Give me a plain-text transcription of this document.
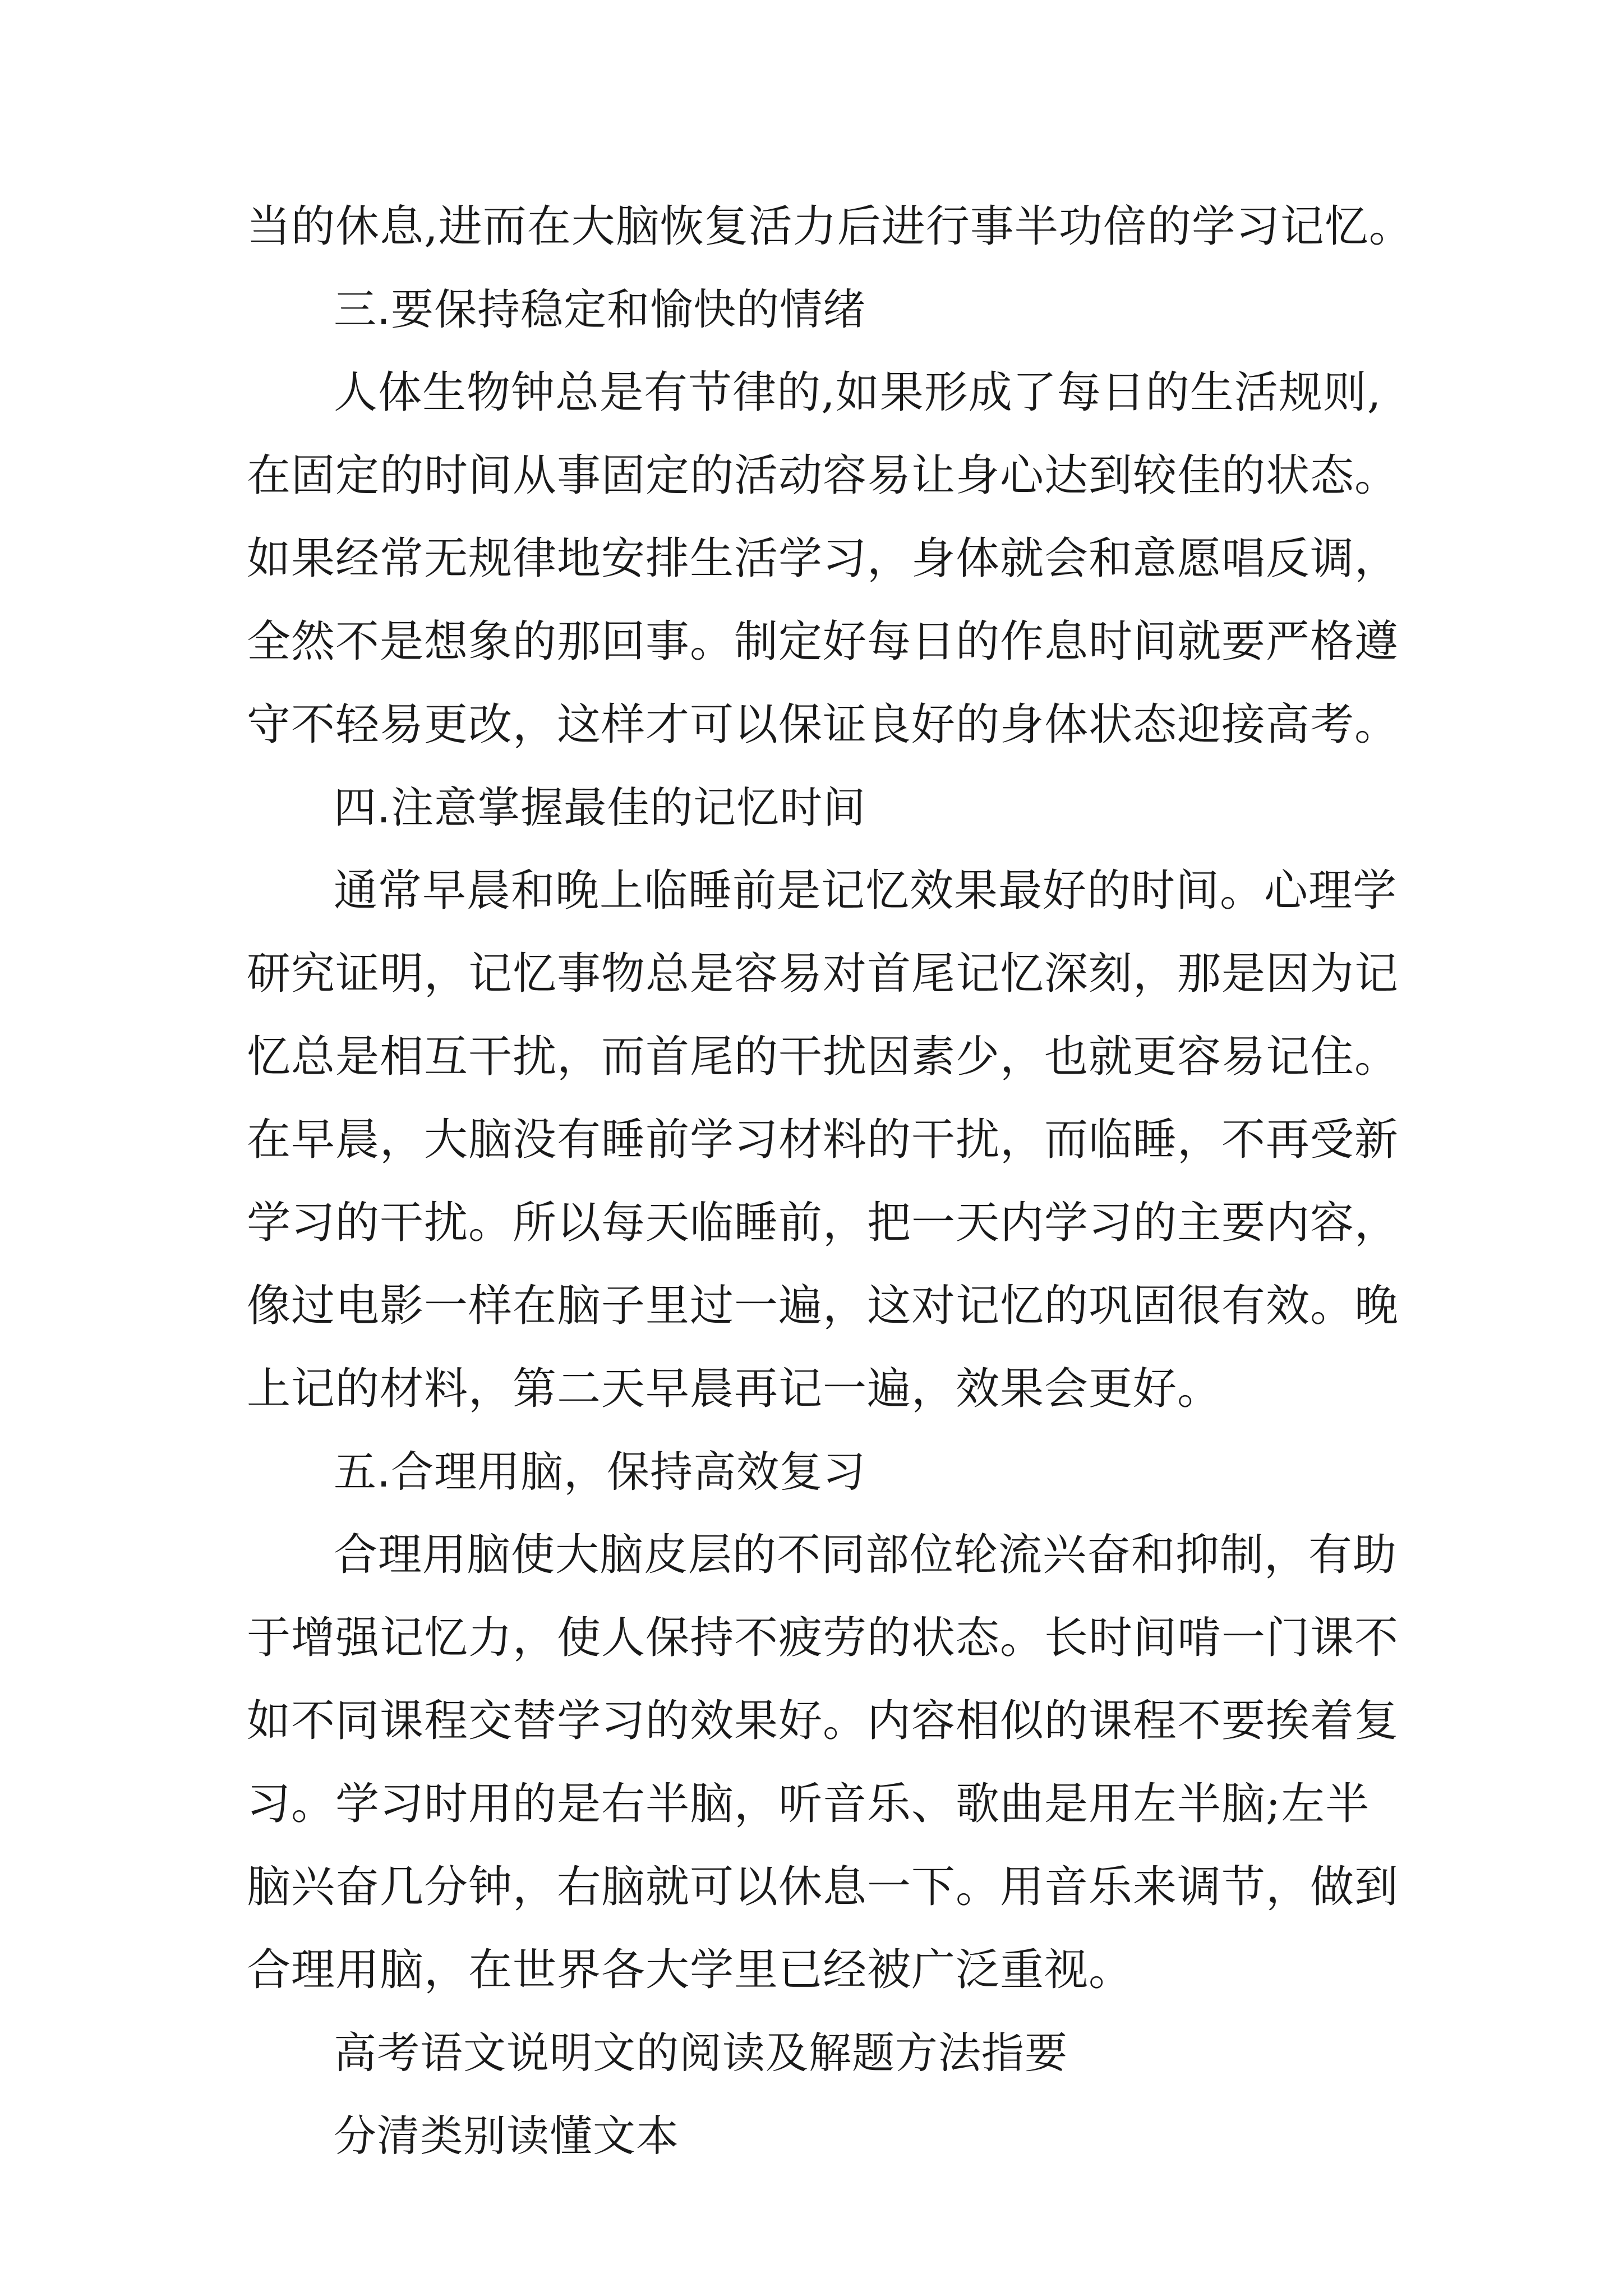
当的休息,进而在大脑恢复活力后进行事半功倍的学习记忆。
三.要保持稳定和愉快的情绪
人体生物钟总是有节律的,如果形成了每日的生活规则,
在固定的时间从事固定的活动容易让身心达到较佳的状态。
如果经常无规律地安排生活学习，身体就会和意愿唱反调，
全然不是想象的那回事。制定好每日的作息时间就要严格遵
守不轻易更改，这样才可以保证良好的身体状态迎接高考。
四.注意掌握最佳的记忆时间
通常早晨和晚上临睡前是记忆效果最好的时间。心理学
研究证明，记忆事物总是容易对首尾记忆深刻，那是因为记
忆总是相互干扰，而首尾的干扰因素少，也就更容易记住。
在早晨，大脑没有睡前学习材料的干扰，而临睡，不再受新
学习的干扰。所以每天临睡前，把一天内学习的主要内容，
像过电影一样在脑子里过一遍，这对记忆的巩固很有效。晚
上记的材料，第二天早晨再记一遍，效果会更好。
五.合理用脑，保持高效复习
合理用脑使大脑皮层的不同部位轮流兴奋和抑制，有助
于增强记忆力，使人保持不疲劳的状态。长时间啃一门课不
如不同课程交替学习的效果好。内容相似的课程不要挨着复
习。学习时用的是右半脑，听音乐、歌曲是用左半脑;左半
脑兴奋几分钟，右脑就可以休息一下。用音乐来调节，做到
合理用脑，在世界各大学里已经被广泛重视。
高考语文说明文的阅读及解题方法指要
分清类别读懂文本
